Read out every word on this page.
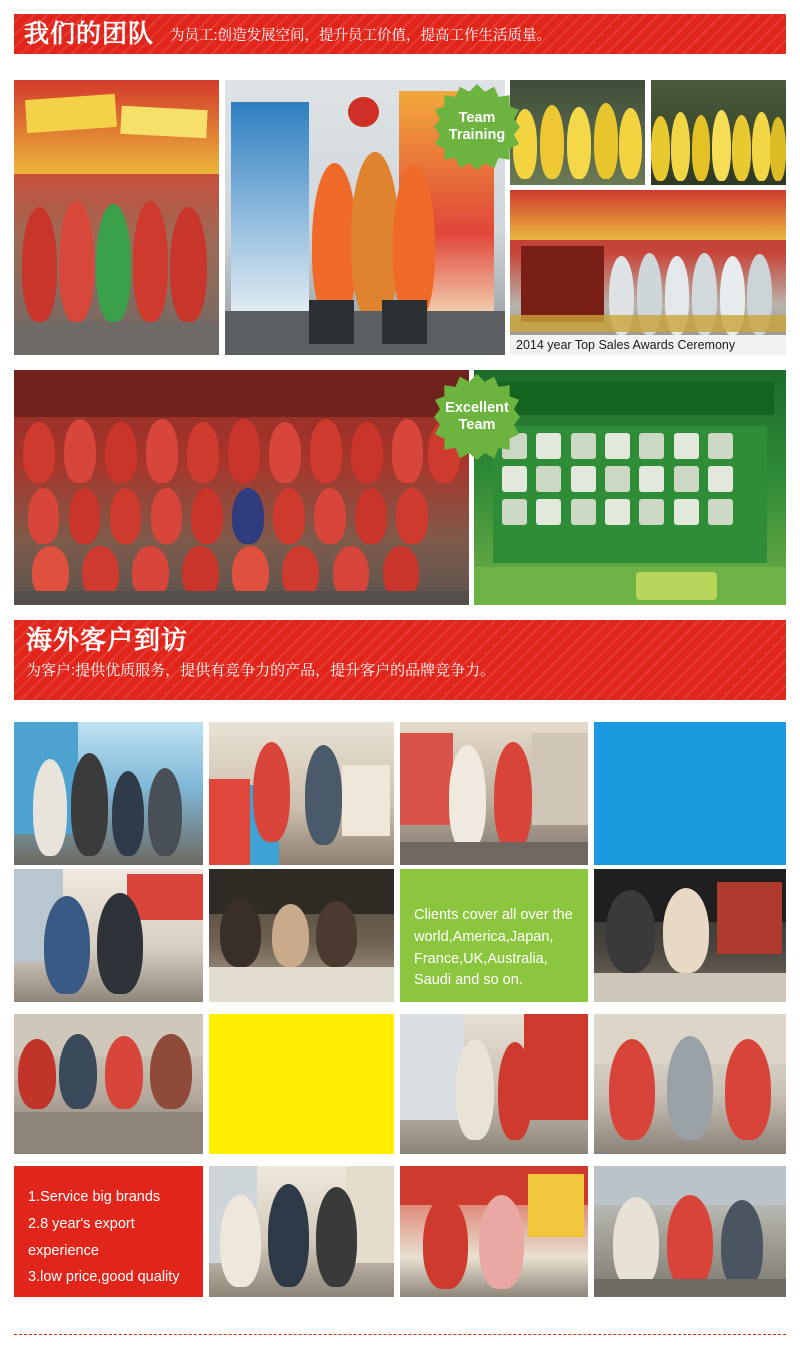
我们的团队 为员工:创造发展空间，提升员工价值，提高工作生活质量。
2014 year Top Sales Awards Ceremony
Team
Training
Excellent
Team
海外客户到访
为客户:提供优质服务，提供有竞争力的产品，提升客户的品牌竞争力。
Clients cover all over the world,America,Japan, France,UK,Australia, Saudi and so on.
1.Service big brands
2.8 year's export experience
3.low price,good quality
4.fast delivery time
